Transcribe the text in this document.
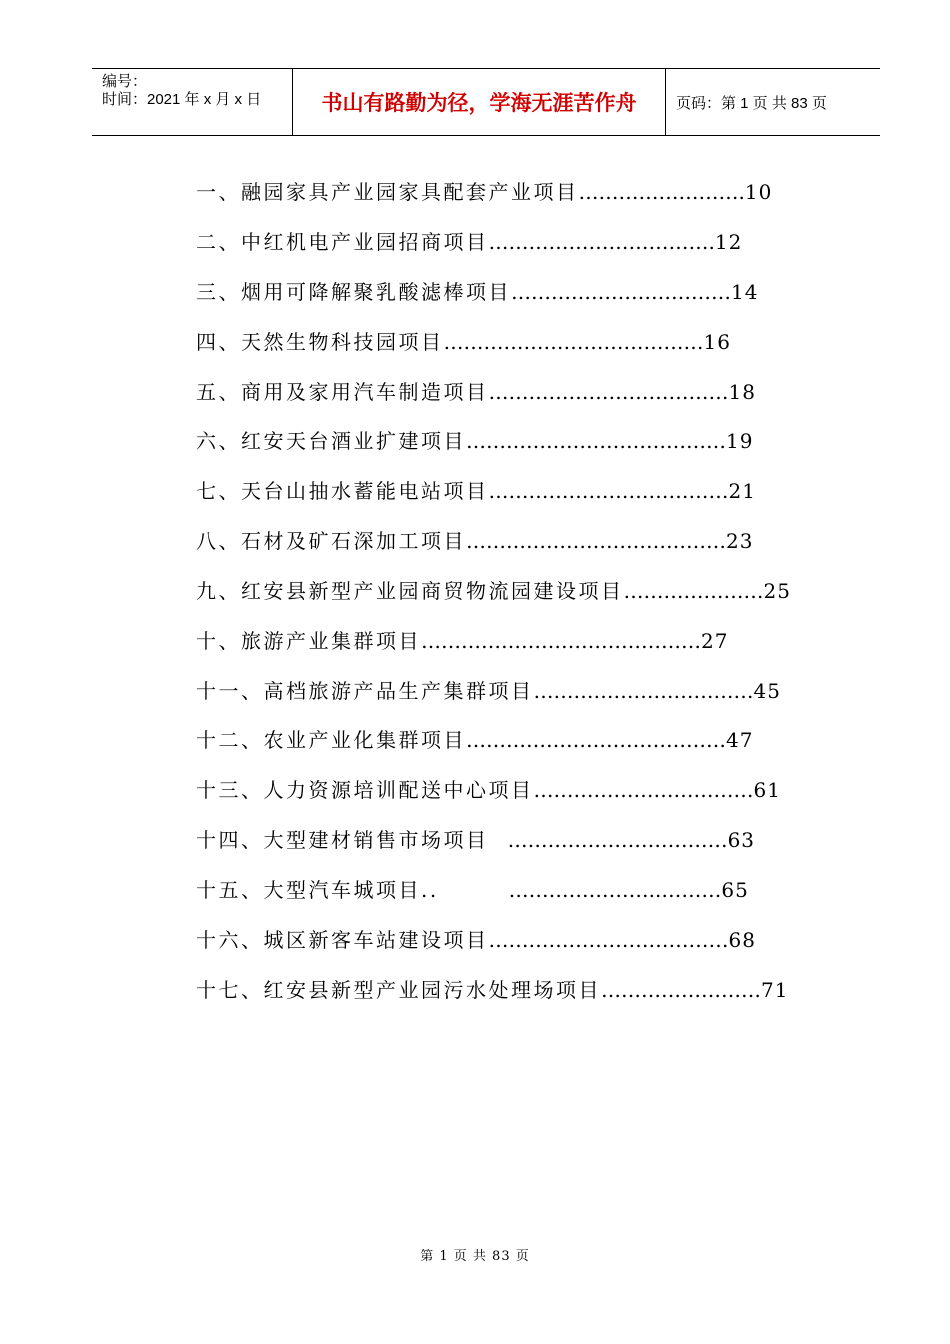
编号：
时间：2021 年 x 月 x 日	书山有路勤为径，学海无涯苦作舟	页码：第 1 页 共 83 页
一、融园家具产业园家具配套产业项目…………………….10
二、中红机电产业园招商项目…………………………….12
三、烟用可降解聚乳酸滤棒项目……………………………14
四、天然生物科技园项目…………………………………16
五、商用及家用汽车制造项目………………………………18
六、红安天台酒业扩建项目…………………………………19
七、天台山抽水蓄能电站项目………………………………21
八、石材及矿石深加工项目…………………………………23
九、红安县新型产业园商贸物流园建设项目…………………25
十、旅游产业集群项目……………………………………27
十一、高档旅游产品生产集群项目……………………………45
十二、农业产业化集群项目…………………………………47
十三、人力资源培训配送中心项目……………………………61
十四、大型建材销售市场项目   ……………………………63
十五、大型汽车城项目..           …………………..………65
十六、城区新客车站建设项目………………………………68
十七、红安县新型产业园污水处理场项目……………………71
第 1 页 共 83 页
